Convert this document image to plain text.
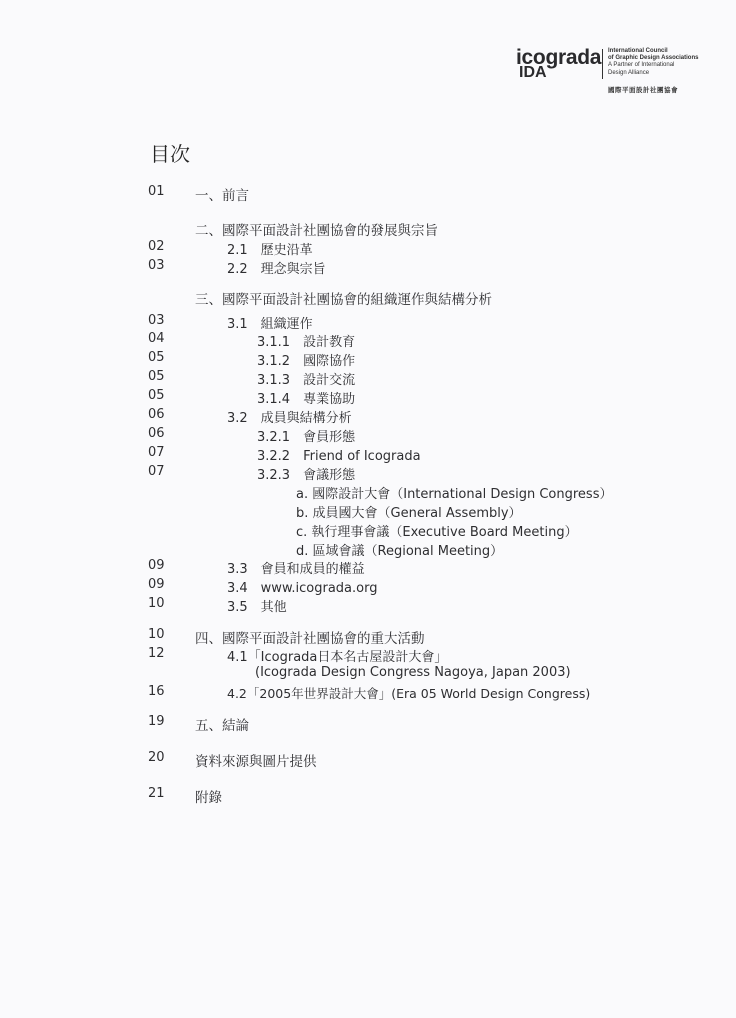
icograda
IDA
International Council
of Graphic Design Associations
A Partner of International
Design Alliance
國際平面設計社團協會
目次
01 一、前言
二、國際平面設計社團協會的發展與宗旨
02	2.1　歷史沿革
03	2.2　理念與宗旨
三、國際平面設計社團協會的組織運作與結構分析
03	3.1　組織運作
04	3.1.1　設計教育
05	3.1.2　國際協作
05	3.1.3　設計交流
05	3.1.4　專業協助
06	3.2　成員與結構分析
06	3.2.1　會員形態
07	3.2.2　Friend of Icograda
07	3.2.3　會議形態
a. 國際設計大會（International Design Congress）
b. 成員國大會（General Assembly）
c. 執行理事會議（Executive Board Meeting）
d. 區域會議（Regional Meeting）
09	3.3　會員和成員的權益
09	3.4　www.icograda.org
10	3.5　其他
10 四、國際平面設計社團協會的重大活動
12	4.1「Icograda日本名古屋設計大會」
(Icograda Design Congress Nagoya, Japan 2003)
16	4.2「2005年世界設計大會」(Era 05 World Design Congress)
19 五、結論
20 資料來源與圖片提供
21 附錄
